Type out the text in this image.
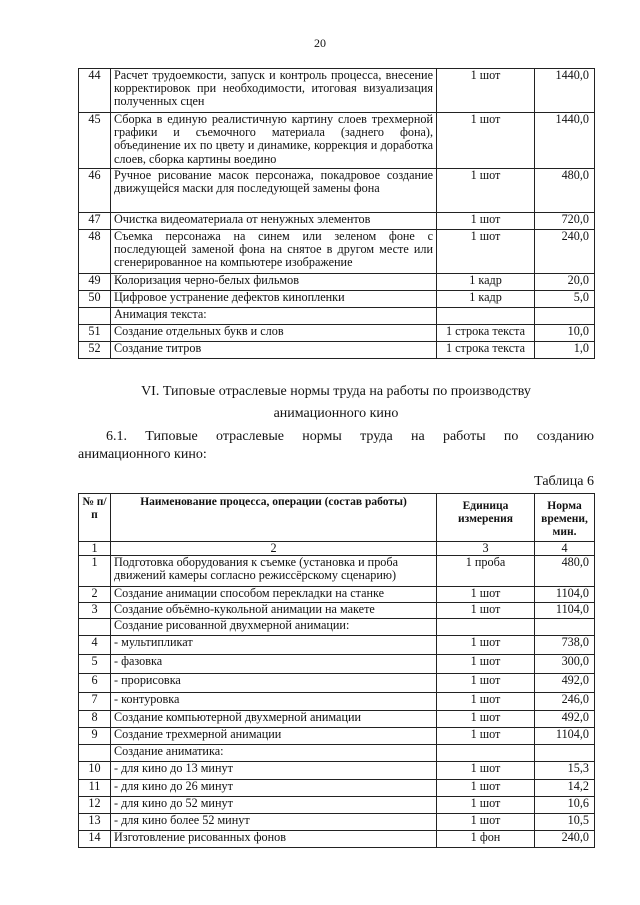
20
44	Расчет трудоемкости, запуск и контроль процесса, внесение корректировок при необходимости, итоговая визуализация полученных сцен	1 шот	1440,0
45	Сборка в единую реалистичную картину слоев трехмерной графики и съемочного материала (заднего фона), объединение их по цвету и динамике, коррекция и доработка слоев, сборка картины воедино	1 шот	1440,0
46	Ручное рисование масок персонажа, покадровое создание движущейся маски для последующей замены фона	1 шот	480,0
47	Очистка видеоматериала от ненужных элементов	1 шот	720,0
48	Съемка персонажа на синем или зеленом фоне с последующей заменой фона на снятое в другом месте или сгенерированное на компьютере изображение	1 шот	240,0
49	Колоризация черно-белых фильмов	1 кадр	20,0
50	Цифровое устранение дефектов кинопленки	1 кадр	5,0
	Анимация текста:		
51	Создание отдельных букв и слов	1 строка текста	10,0
52	Создание титров	1 строка текста	1,0
VI. Типовые отраслевые нормы труда на работы по производству
анимационного кино
6.1. Типовые отраслевые нормы труда на работы по созданию
анимационного кино:
Таблица 6
№ п/п	Наименование процесса, операции (состав работы)	Единица измерения	Норма времени, мин.
1	2	3	4
1	Подготовка оборудования к съемке (установка и проба движений камеры согласно режиссёрскому сценарию)	1 проба	480,0
2	Создание анимации способом перекладки на станке	1 шот	1104,0
3	Создание объёмно-кукольной анимации на макете	1 шот	1104,0
	Создание рисованной двухмерной анимации:		
4	- мультипликат	1 шот	738,0
5	- фазовка	1 шот	300,0
6	- прорисовка	1 шот	492,0
7	- контуровка	1 шот	246,0
8	Создание компьютерной двухмерной анимации	1 шот	492,0
9	Создание трехмерной анимации	1 шот	1104,0
	Создание аниматика:		
10	- для кино до 13 минут	1 шот	15,3
11	- для кино до 26 минут	1 шот	14,2
12	- для кино до 52 минут	1 шот	10,6
13	- для кино более 52 минут	1 шот	10,5
14	Изготовление рисованных фонов	1 фон	240,0
